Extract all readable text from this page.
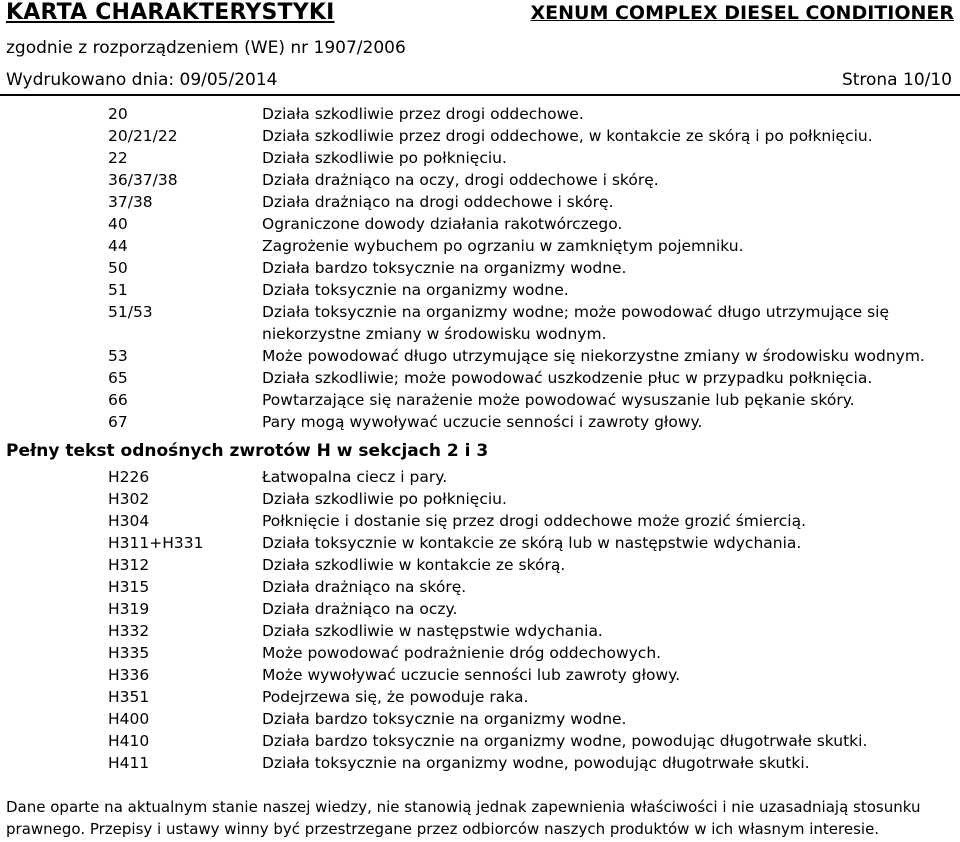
KARTA CHARAKTERYSTYKI	XENUM COMPLEX DIESEL CONDITIONER
zgodnie z rozporządzeniem (WE) nr 1907/2006
Wydrukowano dnia: 09/05/2014	Strona 10/10
20	Działa szkodliwie przez drogi oddechowe.
20/21/22	Działa szkodliwie przez drogi oddechowe, w kontakcie ze skórą i po połknięciu.
22	Działa szkodliwie po połknięciu.
36/37/38	Działa drażniąco na oczy, drogi oddechowe i skórę.
37/38	Działa drażniąco na drogi oddechowe i skórę.
40	Ograniczone dowody działania rakotwórczego.
44	Zagrożenie wybuchem po ogrzaniu w zamkniętym pojemniku.
50	Działa bardzo toksycznie na organizmy wodne.
51	Działa toksycznie na organizmy wodne.
51/53	Działa toksycznie na organizmy wodne; może powodować długo utrzymujące się niekorzystne zmiany w środowisku wodnym.
53	Może powodować długo utrzymujące się niekorzystne zmiany w środowisku wodnym.
65	Działa szkodliwie; może powodować uszkodzenie płuc w przypadku połknięcia.
66	Powtarzające się narażenie może powodować wysuszanie lub pękanie skóry.
67	Pary mogą wywoływać uczucie senności i zawroty głowy.
Pełny tekst odnośnych zwrotów H w sekcjach 2 i 3
H226	Łatwopalna ciecz i pary.
H302	Działa szkodliwie po połknięciu.
H304	Połknięcie i dostanie się przez drogi oddechowe może grozić śmiercią.
H311+H331	Działa toksycznie w kontakcie ze skórą lub w następstwie wdychania.
H312	Działa szkodliwie w kontakcie ze skórą.
H315	Działa drażniąco na skórę.
H319	Działa drażniąco na oczy.
H332	Działa szkodliwie w następstwie wdychania.
H335	Może powodować podrażnienie dróg oddechowych.
H336	Może wywoływać uczucie senności lub zawroty głowy.
H351	Podejrzewa się, że powoduje raka.
H400	Działa bardzo toksycznie na organizmy wodne.
H410	Działa bardzo toksycznie na organizmy wodne, powodując długotrwałe skutki.
H411	Działa toksycznie na organizmy wodne, powodując długotrwałe skutki.
Dane oparte na aktualnym stanie naszej wiedzy, nie stanowią jednak zapewnienia właściwości i nie uzasadniają stosunku prawnego. Przepisy i ustawy winny być przestrzegane przez odbiorców naszych produktów w ich własnym interesie.
